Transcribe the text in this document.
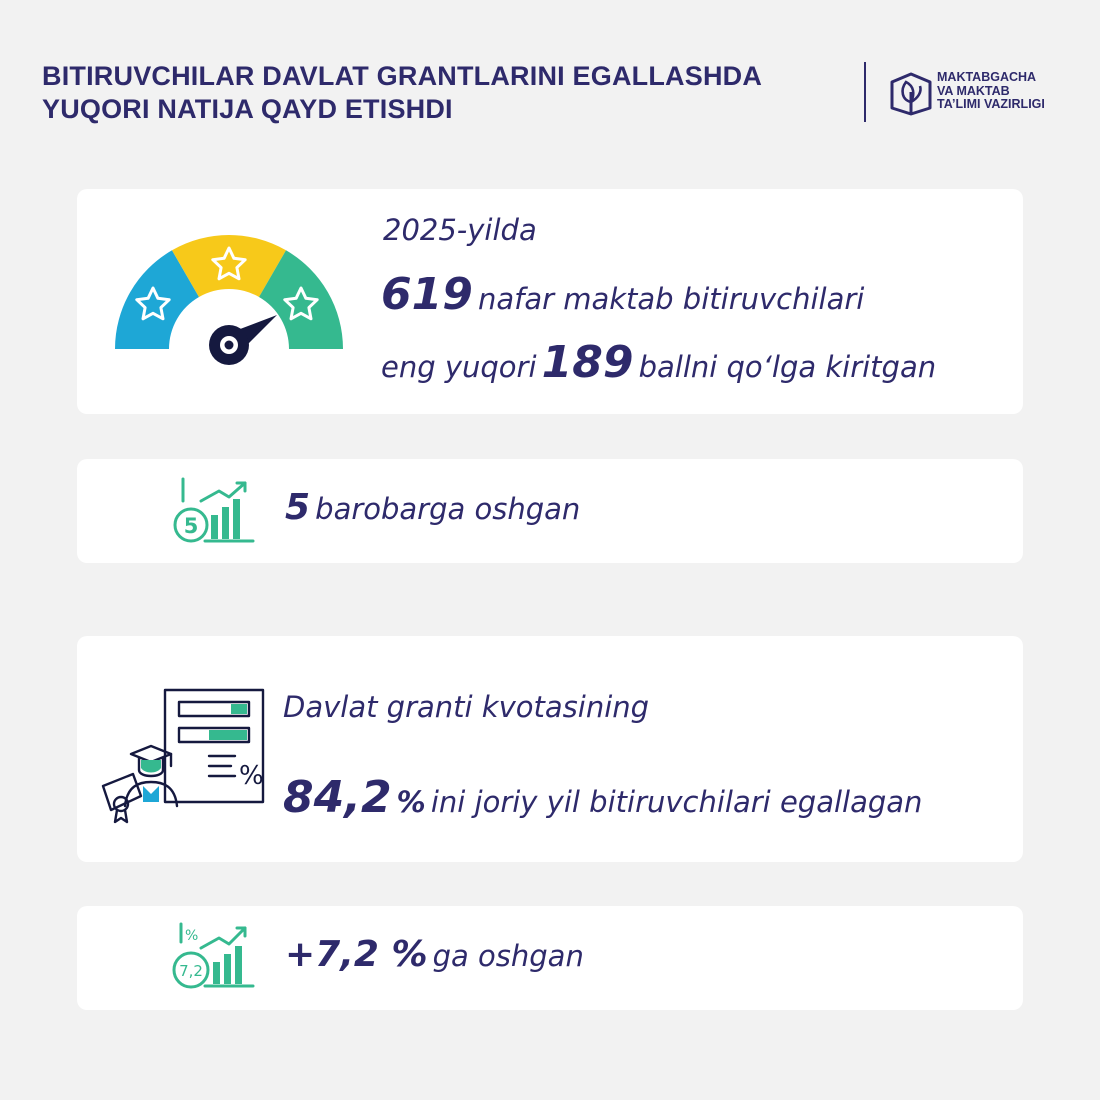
BITIRUVCHILAR DAVLAT GRANTLARINI EGALLASHDA
YUQORI NATIJA QAYD ETISHDI
MAKTABGACHA
VA MAKTAB
TA’LIMI VAZIRLIGI
2025-yilda
619 nafar maktab bitiruvchilari
eng yuqori 189 ballni qo‘lga kiritgan
5 5 barobarga oshgan
%
Davlat granti kvotasining
84,2 % ini joriy yil bitiruvchilari egallagan
%
7,2 +7,2 % ga oshgan
